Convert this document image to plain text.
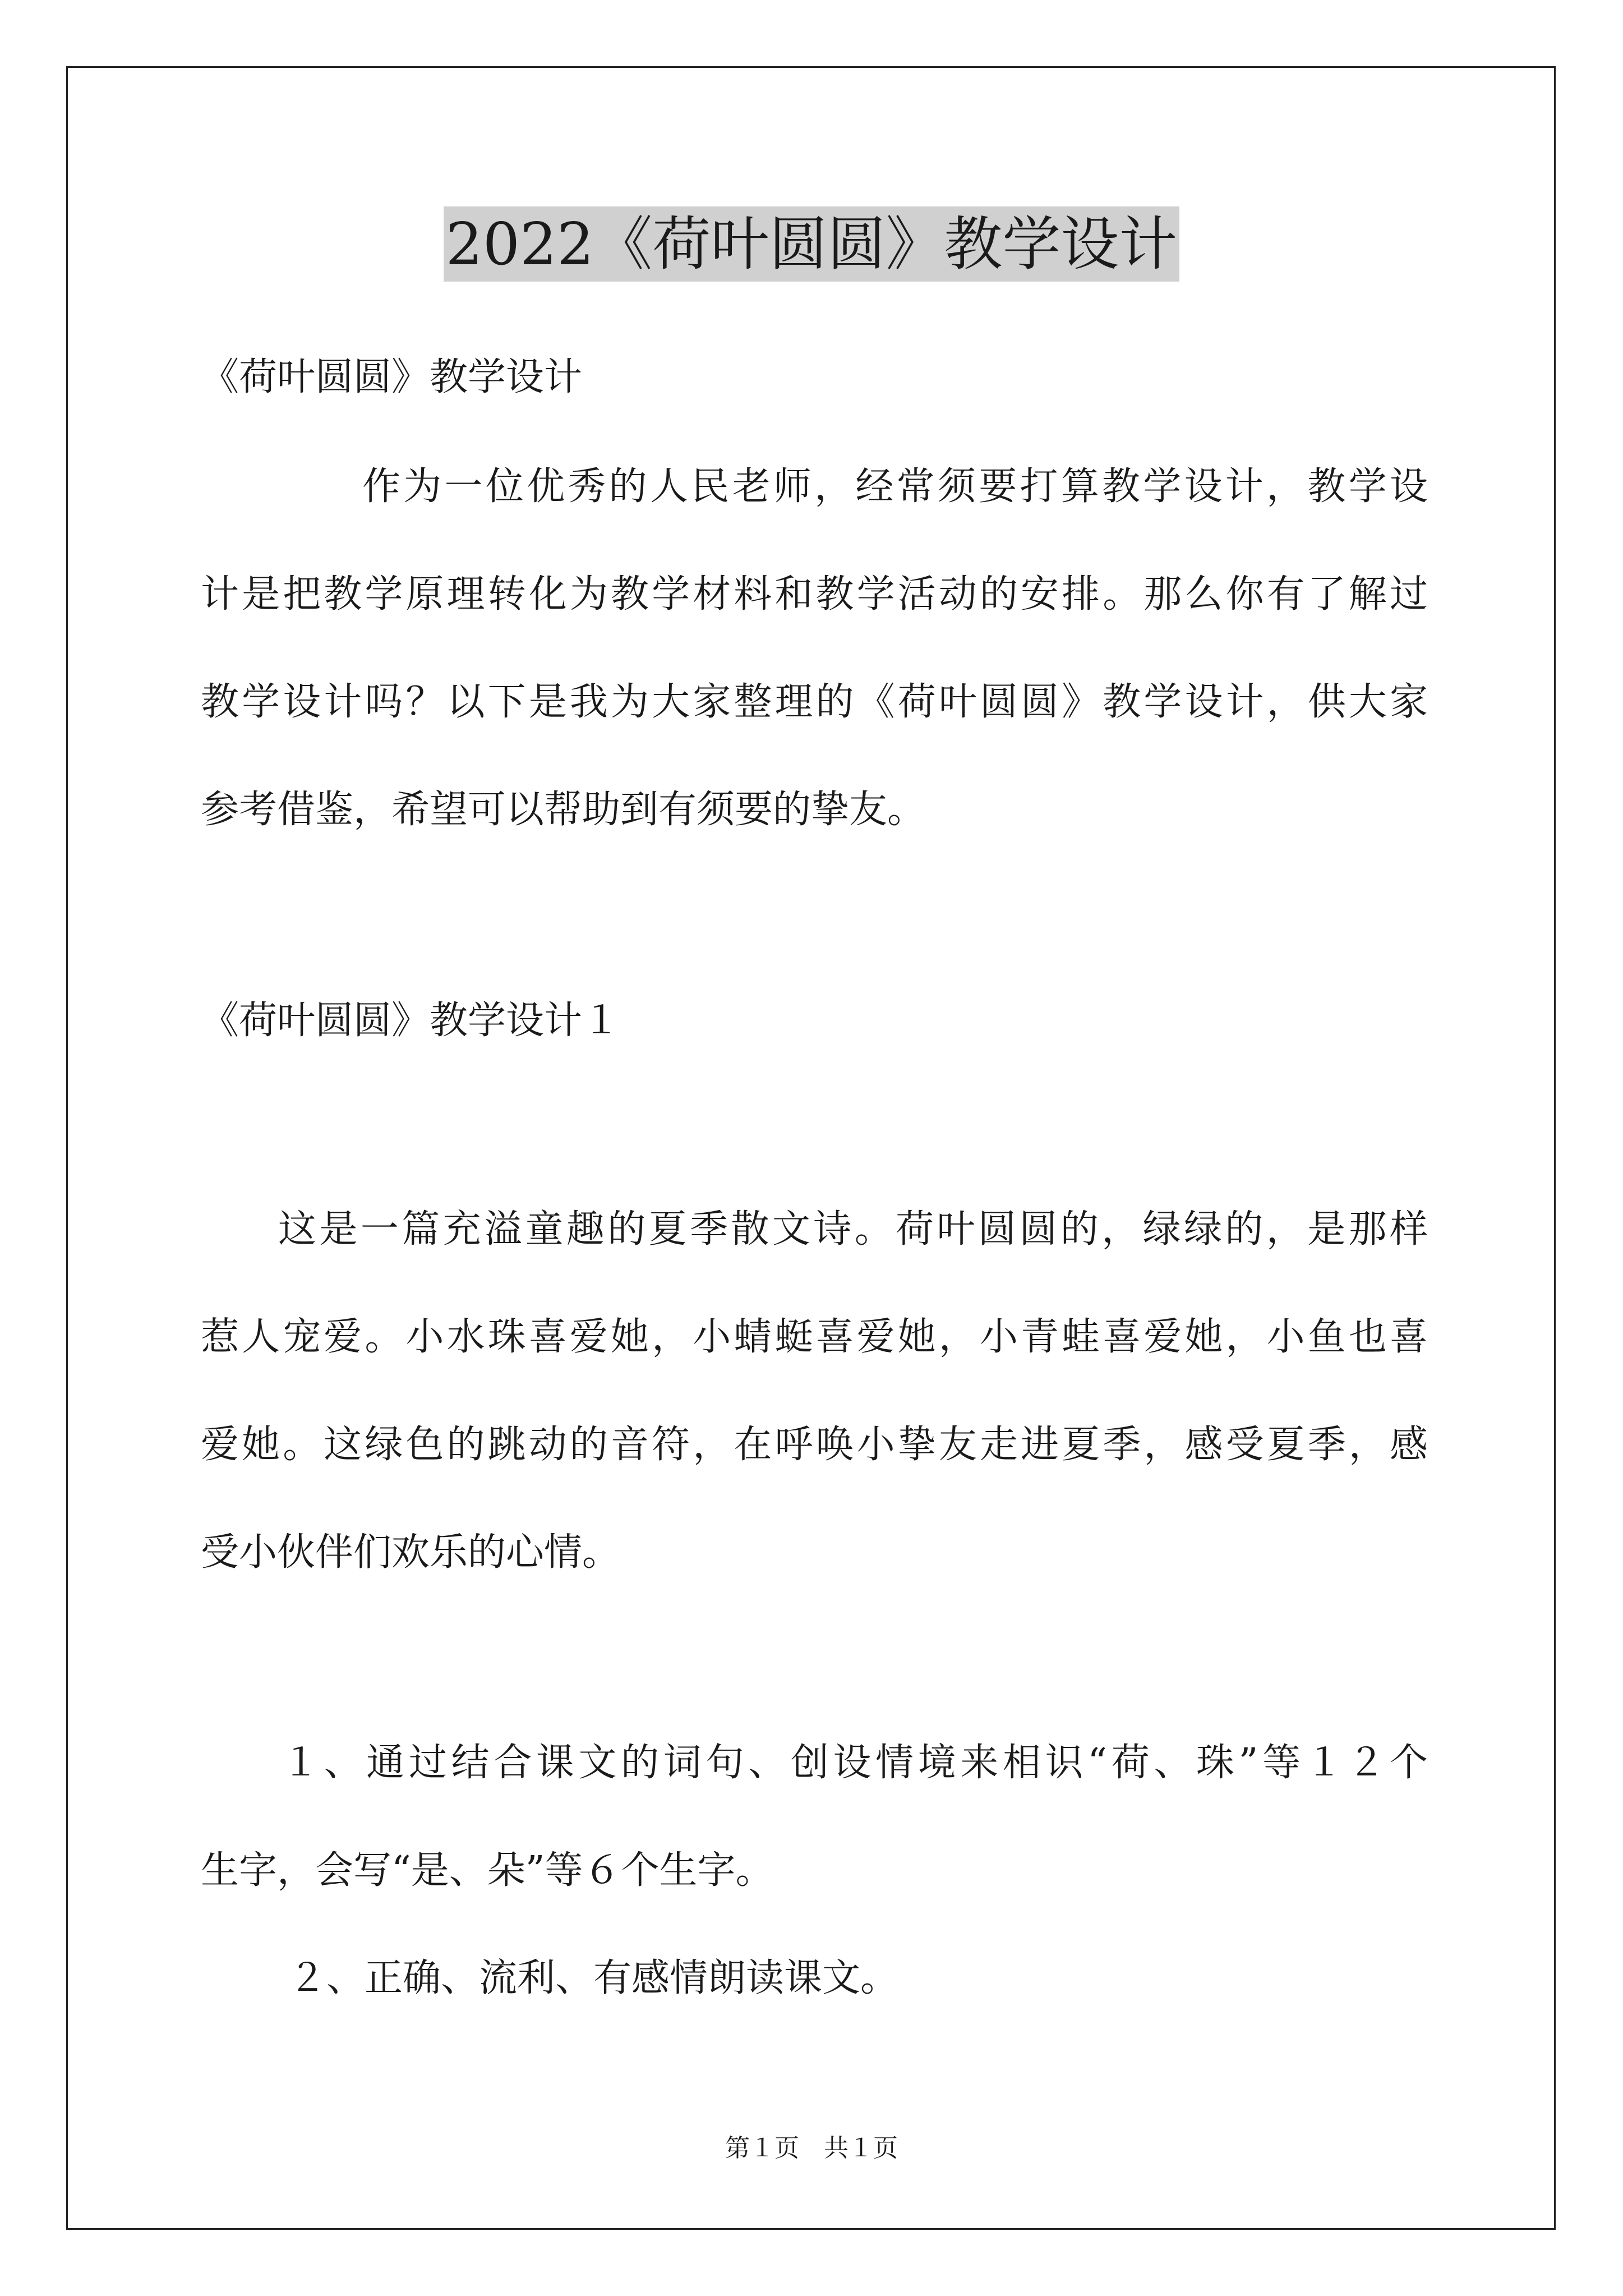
2022《荷叶圆圆》教学设计
《荷叶圆圆》教学设计
作为一位优秀的人民老师，经常须要打算教学设计，教学设
计是把教学原理转化为教学材料和教学活动的安排。那么你有了解过
教学设计吗？以下是我为大家整理的《荷叶圆圆》教学设计，供大家
参考借鉴，希望可以帮助到有须要的挚友。
《荷叶圆圆》教学设计１
这是一篇充溢童趣的夏季散文诗。荷叶圆圆的，绿绿的，是那样
惹人宠爱。小水珠喜爱她，小蜻蜓喜爱她，小青蛙喜爱她，小鱼也喜
爱她。这绿色的跳动的音符，在呼唤小挚友走进夏季，感受夏季，感
受小伙伴们欢乐的心情。
１、通过结合课文的词句、创设情境来相识“荷、珠”等１２个
生字，会写“是、朵”等６个生字。
２、正确、流利、有感情朗读课文。
第１页　共１页
